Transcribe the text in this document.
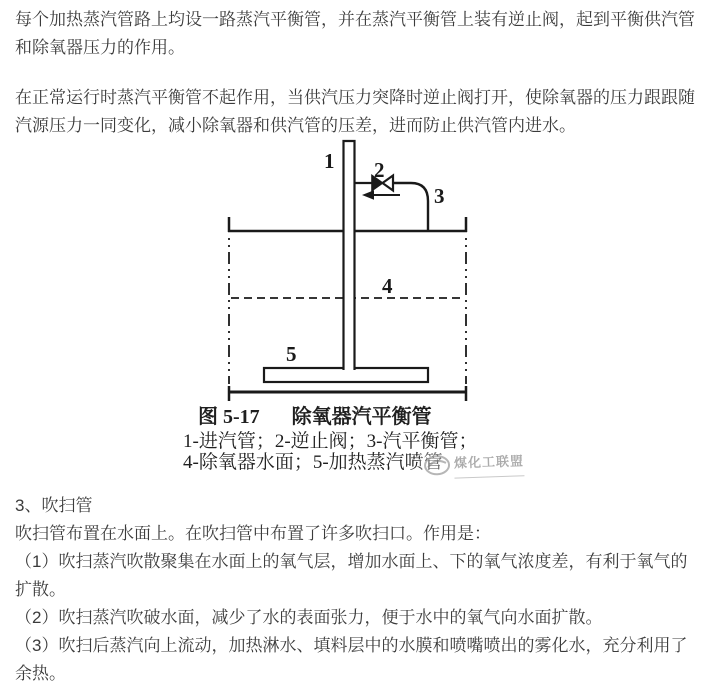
每个加热蒸汽管路上均设一路蒸汽平衡管，并在蒸汽平衡管上装有逆止阀，起到平衡供汽管和除氧器压力的作用。

在正常运行时蒸汽平衡管不起作用，当供汽压力突降时逆止阀打开，使除氧器的压力跟跟随汽源压力一同变化，减小除氧器和供汽管的压差，进而防止供汽管内进水。

1 2
3
4
5
图 5-17 除氧器汽平衡管
1-进汽管；2-逆止阀；3-汽平衡管；
4-除氧器水面；5-加热蒸汽喷管 煤化工联盟

3、吹扫管

吹扫管布置在水面上。在吹扫管中布置了许多吹扫口。作用是：

（1）吹扫蒸汽吹散聚集在水面上的氧气层，增加水面上、下的氧气浓度差，有利于氧气的扩散。

（2）吹扫蒸汽吹破水面，减少了水的表面张力，便于水中的氧气向水面扩散。

（3）吹扫后蒸汽向上流动，加热淋水、填料层中的水膜和喷嘴喷出的雾化水，充分利用了余热。
